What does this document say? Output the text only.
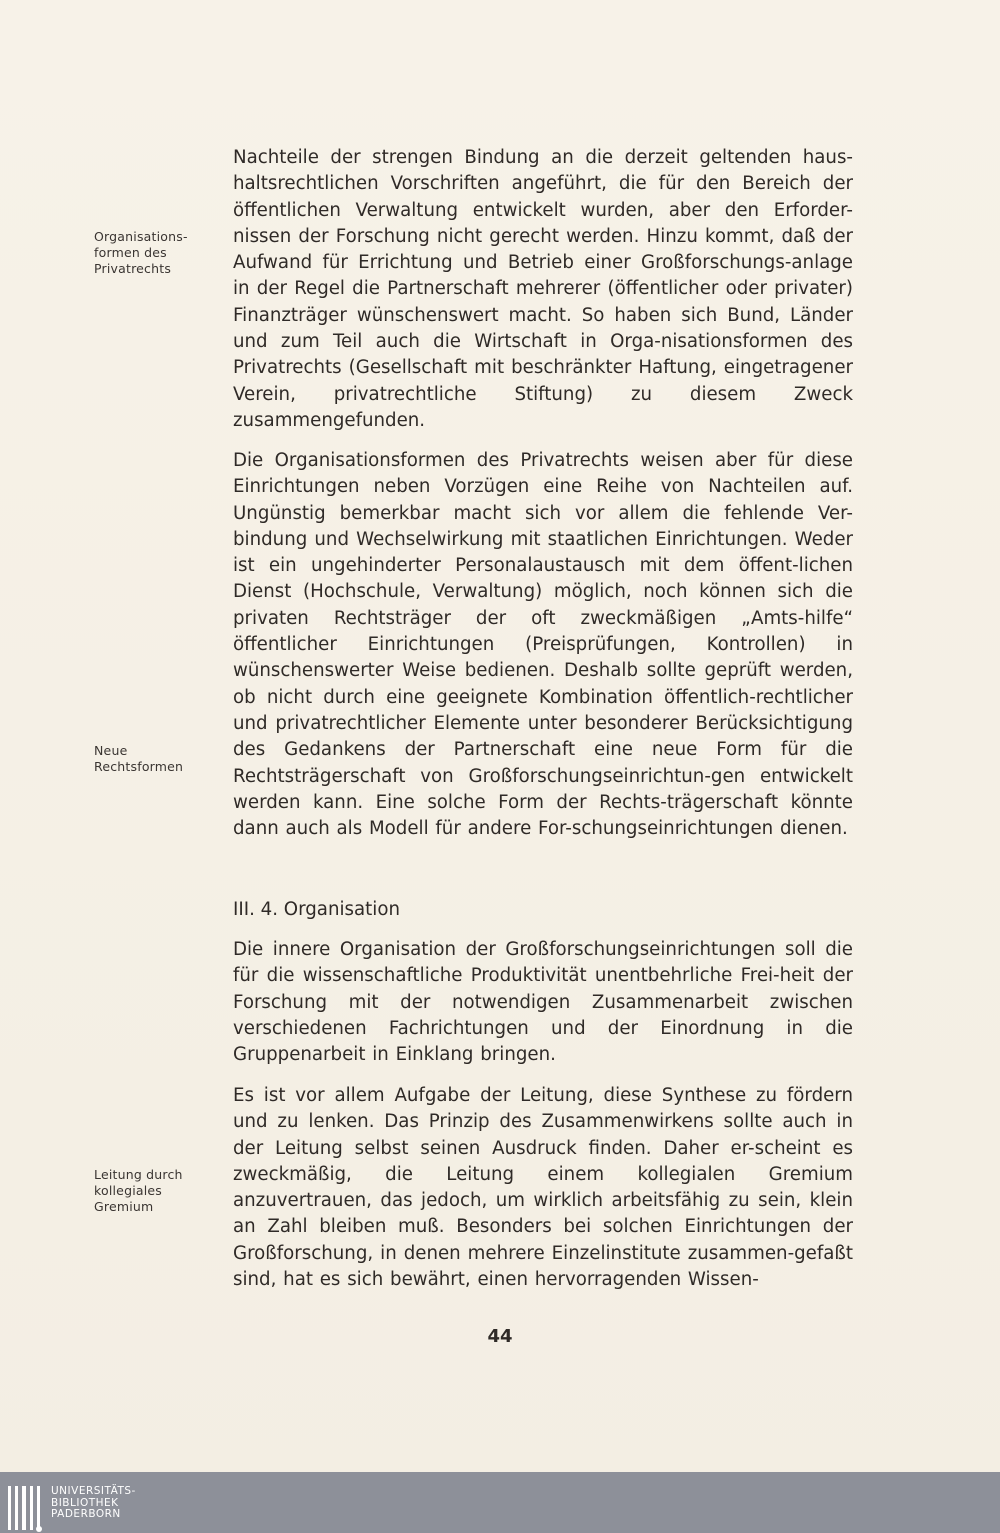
Organisations-
formen des
Privatrechts
Neue
Rechtsformen
Leitung durch
kollegiales
Gremium
Nachteile der strengen Bindung an die derzeit geltenden haus-haltsrechtlichen Vorschriften angeführt, die für den Bereich der öffentlichen Verwaltung entwickelt wurden, aber den Erforder-nissen der Forschung nicht gerecht werden. Hinzu kommt, daß der Aufwand für Errichtung und Betrieb einer Großforschungs-anlage in der Regel die Partnerschaft mehrerer (öffentlicher oder privater) Finanzträger wünschenswert macht. So haben sich Bund, Länder und zum Teil auch die Wirtschaft in Orga-nisationsformen des Privatrechts (Gesellschaft mit beschränkter Haftung, eingetragener Verein, privatrechtliche Stiftung) zu diesem Zweck zusammengefunden.
Die Organisationsformen des Privatrechts weisen aber für diese Einrichtungen neben Vorzügen eine Reihe von Nachteilen auf. Ungünstig bemerkbar macht sich vor allem die fehlende Ver-bindung und Wechselwirkung mit staatlichen Einrichtungen. Weder ist ein ungehinderter Personalaustausch mit dem öffent-lichen Dienst (Hochschule, Verwaltung) möglich, noch können sich die privaten Rechtsträger der oft zweckmäßigen „Amts-hilfe“ öffentlicher Einrichtungen (Preisprüfungen, Kontrollen) in wünschenswerter Weise bedienen. Deshalb sollte geprüft werden, ob nicht durch eine geeignete Kombination öffentlich-rechtlicher und privatrechtlicher Elemente unter besonderer Berücksichtigung des Gedankens der Partnerschaft eine neue Form für die Rechtsträgerschaft von Großforschungseinrichtun-gen entwickelt werden kann. Eine solche Form der Rechts-trägerschaft könnte dann auch als Modell für andere For-schungseinrichtungen dienen.
III. 4. Organisation
Die innere Organisation der Großforschungseinrichtungen soll die für die wissenschaftliche Produktivität unentbehrliche Frei-heit der Forschung mit der notwendigen Zusammenarbeit zwischen verschiedenen Fachrichtungen und der Einordnung in die Gruppenarbeit in Einklang bringen.
Es ist vor allem Aufgabe der Leitung, diese Synthese zu fördern und zu lenken. Das Prinzip des Zusammenwirkens sollte auch in der Leitung selbst seinen Ausdruck finden. Daher er-scheint es zweckmäßig, die Leitung einem kollegialen Gremium anzuvertrauen, das jedoch, um wirklich arbeitsfähig zu sein, klein an Zahl bleiben muß. Besonders bei solchen Einrichtungen der Großforschung, in denen mehrere Einzelinstitute zusammen-gefaßt sind, hat es sich bewährt, einen hervorragenden Wissen-
44
UNIVERSITÄTS-
BIBLIOTHEK
PADERBORN
